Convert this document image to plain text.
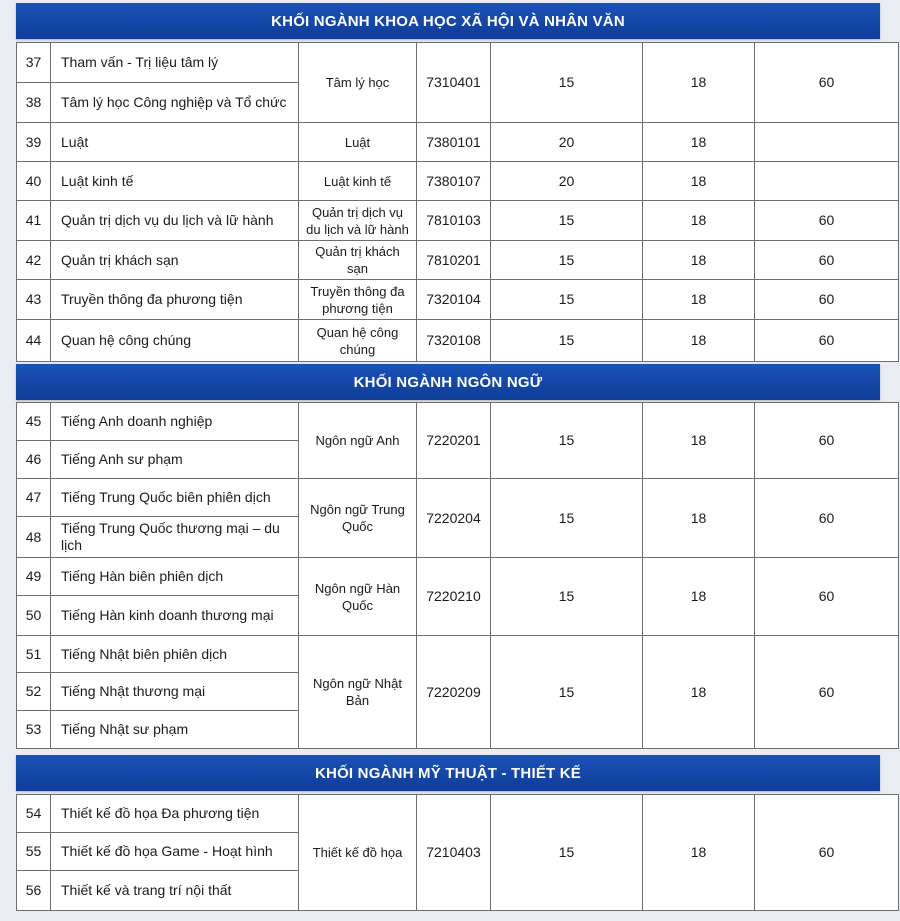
KHỐI NGÀNH KHOA HỌC XÃ HỘI VÀ NHÂN VĂN
37	Tham vấn - Trị liệu tâm lý	Tâm lý học	7310401	15	18	60
38	Tâm lý học Công nghiệp và Tổ chức					
39	Luật	Luật	7380101	20	18	
40	Luật kinh tế	Luật kinh tế	7380107	20	18	
41	Quản trị dịch vụ du lịch và lữ hành	Quản trị dịch vụ du lịch và lữ hành	7810103	15	18	60
42	Quản trị khách sạn	Quản trị khách sạn	7810201	15	18	60
43	Truyền thông đa phương tiện	Truyền thông đa phương tiện	7320104	15	18	60
44	Quan hệ công chúng	Quan hệ công chúng	7320108	15	18	60
KHỐI NGÀNH NGÔN NGỮ
45	Tiếng Anh doanh nghiệp	Ngôn ngữ Anh	7220201	15	18	60
46	Tiếng Anh sư phạm					
47	Tiếng Trung Quốc biên phiên dịch	Ngôn ngữ Trung Quốc	7220204	15	18	60
48	Tiếng Trung Quốc thương mại – du lịch					
49	Tiếng Hàn biên phiên dịch	Ngôn ngữ Hàn Quốc	7220210	15	18	60
50	Tiếng Hàn kinh doanh thương mại					
51	Tiếng Nhật biên phiên dịch	Ngôn ngữ Nhật Bản	7220209	15	18	60
52	Tiếng Nhật thương mại					
53	Tiếng Nhật sư phạm					
KHỐI NGÀNH MỸ THUẬT - THIẾT KẾ
54	Thiết kế đồ họa Đa phương tiện	Thiết kế đồ họa	7210403	15	18	60
55	Thiết kế đồ họa Game - Hoạt hình					
56	Thiết kế và trang trí nội thất					
